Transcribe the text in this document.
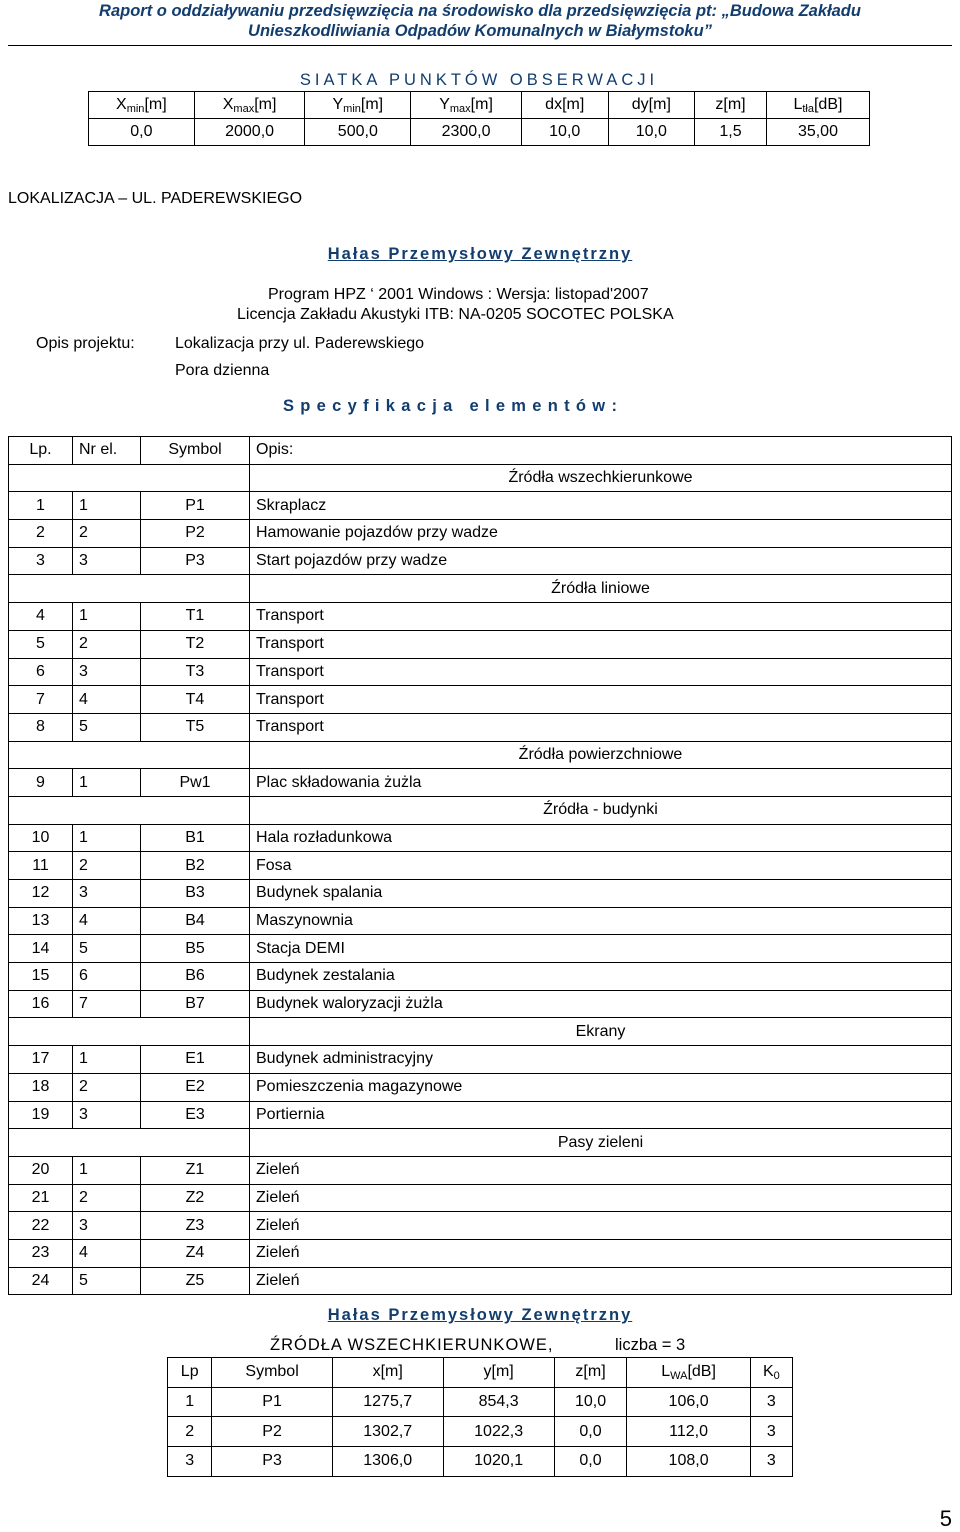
Raport o oddziaływaniu przedsięwzięcia na środowisko dla przedsięwzięcia pt: „Budowa Zakładu
Unieszkodliwiania Odpadów Komunalnych w Białymstoku”
SIATKA PUNKTÓW OBSERWACJI
$X_{min}[m]$	$X_{max}[m]$	$Y_{min}[m]$	$Y_{max}[m]$	dx[m]	dy[m]	z[m]	$L_{tła}[dB]$
0,0	2000,0	500,0	2300,0	10,0	10,0	1,5	35,00
LOKALIZACJA – UL. PADEREWSKIEGO
Hałas Przemysłowy Zewnętrzny
Program HPZ ‘ 2001 Windows : Wersja: listopad'2007
Licencja Zakładu Akustyki ITB: NA-0205 SOCOTEC POLSKA
Opis projektu:	Lokalizacja przy ul. Paderewskiego
Pora dzienna
Specyfikacja elementów:
Lp.	Nr el.	Symbol	Opis:
			Źródła wszechkierunkowe
1	1	P1	Skraplacz
2	2	P2	Hamowanie pojazdów przy wadze
3	3	P3	Start pojazdów przy wadze
			Źródła liniowe
4	1	T1	Transport
5	2	T2	Transport
6	3	T3	Transport
7	4	T4	Transport
8	5	T5	Transport
			Źródła powierzchniowe
9	1	Pw1	Plac składowania żużla
			Źródła - budynki
10	1	B1	Hala rozładunkowa
11	2	B2	Fosa
12	3	B3	Budynek spalania
13	4	B4	Maszynownia
14	5	B5	Stacja DEMI
15	6	B6	Budynek zestalania
16	7	B7	Budynek waloryzacji żużla
			Ekrany
17	1	E1	Budynek administracyjny
18	2	E2	Pomieszczenia magazynowe
19	3	E3	Portiernia
			Pasy zieleni
20	1	Z1	Zieleń
21	2	Z2	Zieleń
22	3	Z3	Zieleń
23	4	Z4	Zieleń
24	5	Z5	Zieleń
Hałas Przemysłowy Zewnętrzny
ŹRÓDŁA WSZECHKIERUNKOWE,	liczba = 3
Lp	Symbol	x[m]	y[m]	z[m]	$L_{WA}[dB]$	$K_0$
1	P1	1275,7	854,3	10,0	106,0	3
2	P2	1302,7	1022,3	0,0	112,0	3
3	P3	1306,0	1020,1	0,0	108,0	3
5
